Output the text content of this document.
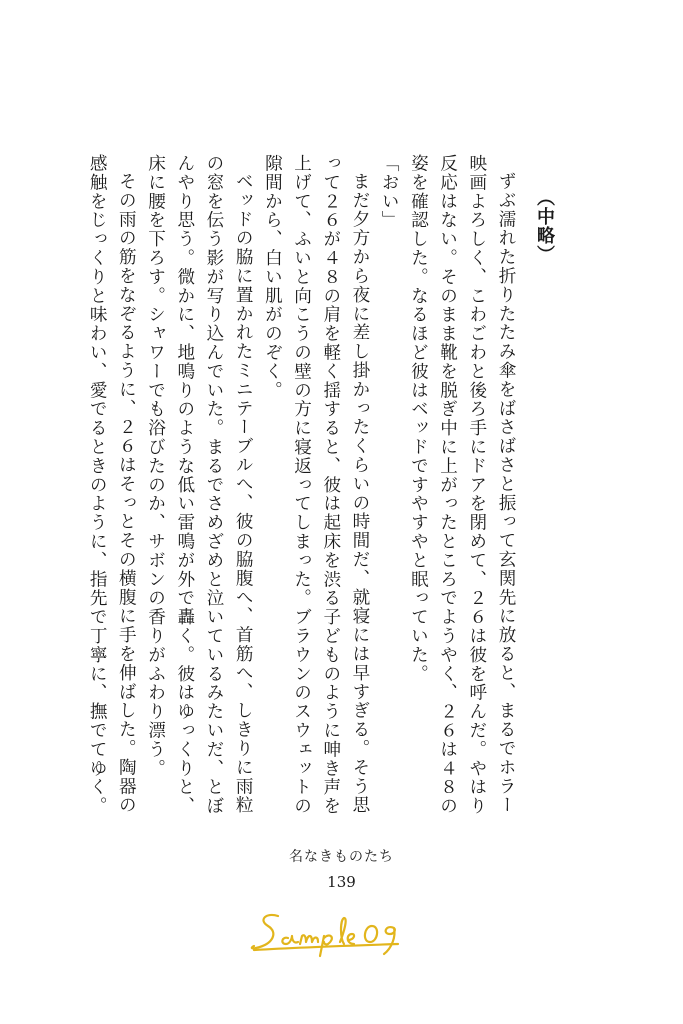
（中略）

ずぶ濡れた折りたたみ傘をばさばさと振って玄関先に放ると、まるでホラー映画よろしく、こわごわと後ろ手にドアを閉めて、２６は彼を呼んだ。やはり反応はない。そのまま靴を脱ぎ中に上がったところでようやく、２６は４８の姿を確認した。なるほど彼はベッドですやすやと眠っていた。

「おい」

まだ夕方から夜に差し掛かったくらいの時間だ、就寝には早すぎる。そう思って２６が４８の肩を軽く揺すると、彼は起床を渋る子どものように呻き声を上げて、ふいと向こうの壁の方に寝返ってしまった。ブラウンのスウェットの隙間から、白い肌がのぞく。

ベッドの脇に置かれたミニテーブルへ、彼の脇腹へ、首筋へ、しきりに雨粒の窓を伝う影が写り込んでいた。まるでさめざめと泣いているみたいだ、とぼんやり思う。微かに、地鳴りのような低い雷鳴が外で轟く。彼はゆっくりと、床に腰を下ろす。シャワーでも浴びたのか、サボンの香りがふわり漂う。

その雨の筋をなぞるように、２６はそっとその横腹に手を伸ばした。陶器の感触をじっくりと味わい、愛でるときのように、指先で丁寧に、撫でてゆく。

名なきものたち
139
